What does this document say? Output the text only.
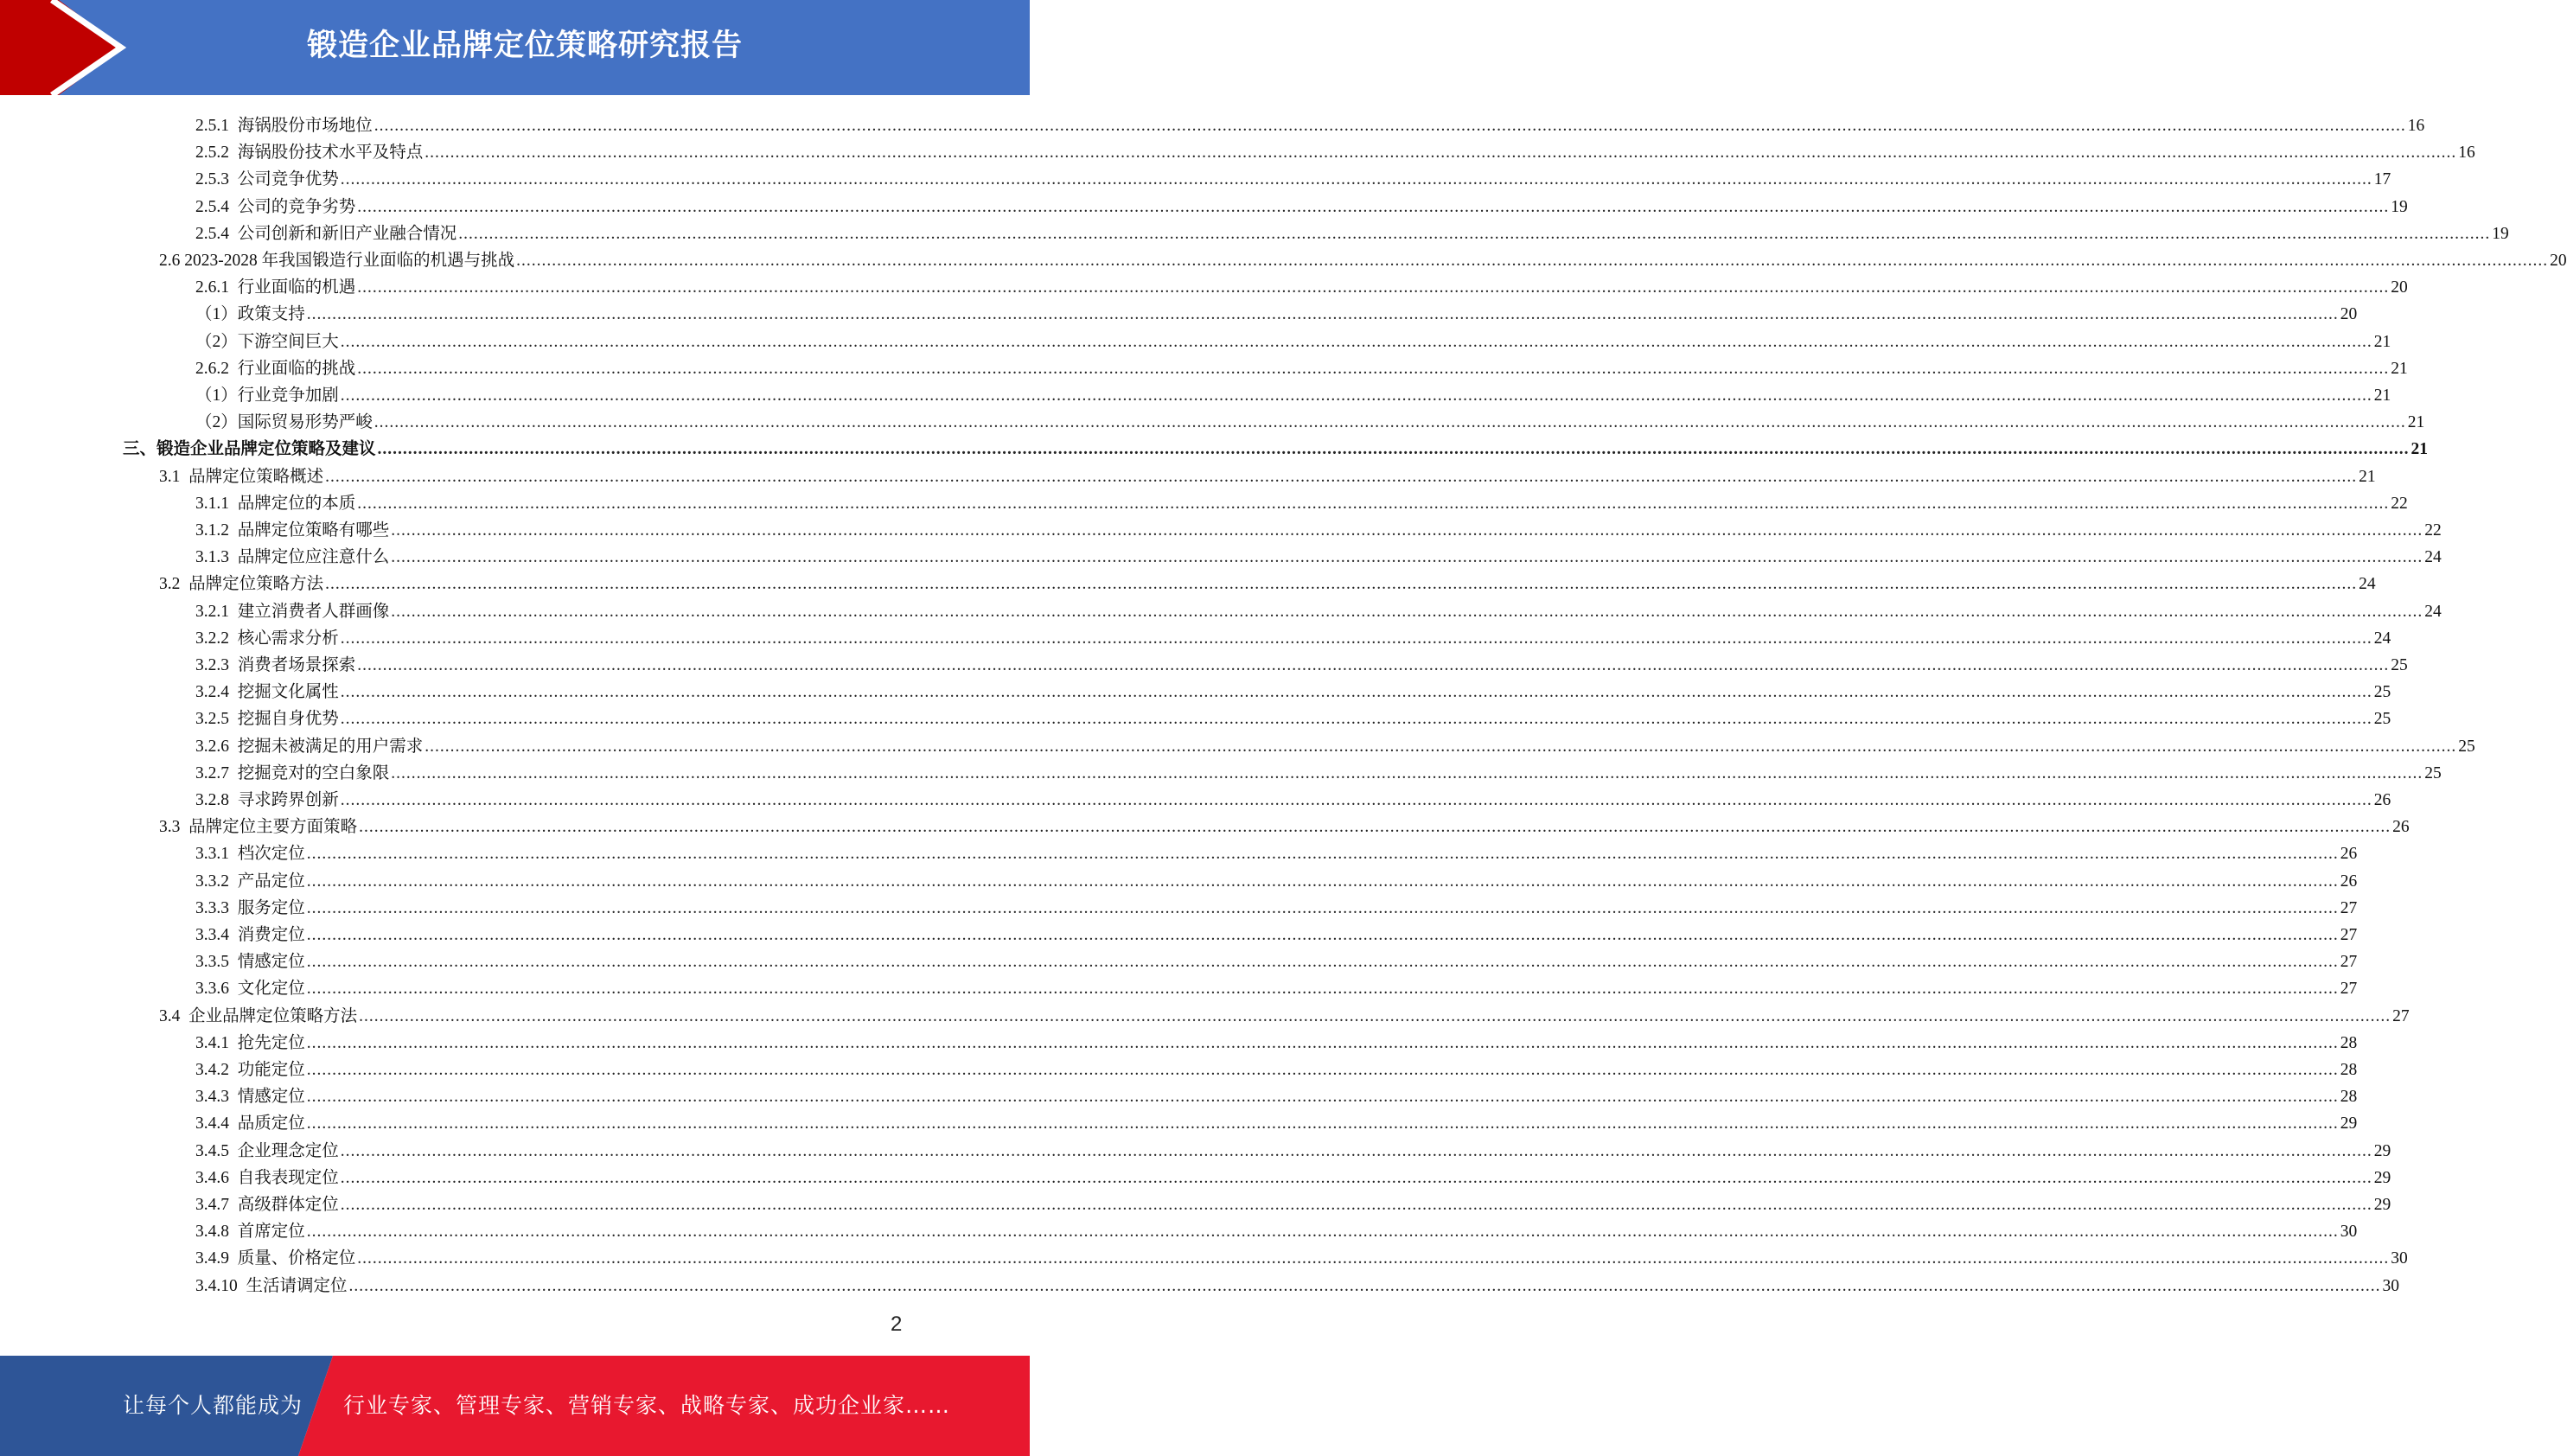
锻造企业品牌定位策略研究报告
2.5.1  海锅股份市场地位 ................................................................................................................................................................................................................................................................................................................................................................................................................ 16
2.5.2  海锅股份技术水平及特点 ................................................................................................................................................................................................................................................................................................................................................................................................................ 16
2.5.3  公司竞争优势 ................................................................................................................................................................................................................................................................................................................................................................................................................ 17
2.5.4  公司的竞争劣势 ................................................................................................................................................................................................................................................................................................................................................................................................................ 19
2.5.4  公司创新和新旧产业融合情况 ................................................................................................................................................................................................................................................................................................................................................................................................................ 19
2.6 2023-2028 年我国锻造行业面临的机遇与挑战 ................................................................................................................................................................................................................................................................................................................................................................................................................ 20
2.6.1  行业面临的机遇 ................................................................................................................................................................................................................................................................................................................................................................................................................ 20
（1）政策支持 ................................................................................................................................................................................................................................................................................................................................................................................................................ 20
（2）下游空间巨大 ................................................................................................................................................................................................................................................................................................................................................................................................................ 21
2.6.2  行业面临的挑战 ................................................................................................................................................................................................................................................................................................................................................................................................................ 21
（1）行业竞争加剧 ................................................................................................................................................................................................................................................................................................................................................................................................................ 21
（2）国际贸易形势严峻 ................................................................................................................................................................................................................................................................................................................................................................................................................ 21
三、锻造企业品牌定位策略及建议 ................................................................................................................................................................................................................................................................................................................................................................................................................ 21
3.1  品牌定位策略概述 ................................................................................................................................................................................................................................................................................................................................................................................................................ 21
3.1.1  品牌定位的本质 ................................................................................................................................................................................................................................................................................................................................................................................................................ 22
3.1.2  品牌定位策略有哪些 ................................................................................................................................................................................................................................................................................................................................................................................................................ 22
3.1.3  品牌定位应注意什么 ................................................................................................................................................................................................................................................................................................................................................................................................................ 24
3.2  品牌定位策略方法 ................................................................................................................................................................................................................................................................................................................................................................................................................ 24
3.2.1  建立消费者人群画像 ................................................................................................................................................................................................................................................................................................................................................................................................................ 24
3.2.2  核心需求分析 ................................................................................................................................................................................................................................................................................................................................................................................................................ 24
3.2.3  消费者场景探索 ................................................................................................................................................................................................................................................................................................................................................................................................................ 25
3.2.4  挖掘文化属性 ................................................................................................................................................................................................................................................................................................................................................................................................................ 25
3.2.5  挖掘自身优势 ................................................................................................................................................................................................................................................................................................................................................................................................................ 25
3.2.6  挖掘未被满足的用户需求 ................................................................................................................................................................................................................................................................................................................................................................................................................ 25
3.2.7  挖掘竞对的空白象限 ................................................................................................................................................................................................................................................................................................................................................................................................................ 25
3.2.8  寻求跨界创新 ................................................................................................................................................................................................................................................................................................................................................................................................................ 26
3.3  品牌定位主要方面策略 ................................................................................................................................................................................................................................................................................................................................................................................................................ 26
3.3.1  档次定位 ................................................................................................................................................................................................................................................................................................................................................................................................................ 26
3.3.2  产品定位 ................................................................................................................................................................................................................................................................................................................................................................................................................ 26
3.3.3  服务定位 ................................................................................................................................................................................................................................................................................................................................................................................................................ 27
3.3.4  消费定位 ................................................................................................................................................................................................................................................................................................................................................................................................................ 27
3.3.5  情感定位 ................................................................................................................................................................................................................................................................................................................................................................................................................ 27
3.3.6  文化定位 ................................................................................................................................................................................................................................................................................................................................................................................................................ 27
3.4  企业品牌定位策略方法 ................................................................................................................................................................................................................................................................................................................................................................................................................ 27
3.4.1  抢先定位 ................................................................................................................................................................................................................................................................................................................................................................................................................ 28
3.4.2  功能定位 ................................................................................................................................................................................................................................................................................................................................................................................................................ 28
3.4.3  情感定位 ................................................................................................................................................................................................................................................................................................................................................................................................................ 28
3.4.4  品质定位 ................................................................................................................................................................................................................................................................................................................................................................................................................ 29
3.4.5  企业理念定位 ................................................................................................................................................................................................................................................................................................................................................................................................................ 29
3.4.6  自我表现定位 ................................................................................................................................................................................................................................................................................................................................................................................................................ 29
3.4.7  高级群体定位 ................................................................................................................................................................................................................................................................................................................................................................................................................ 29
3.4.8  首席定位 ................................................................................................................................................................................................................................................................................................................................................................................................................ 30
3.4.9  质量、价格定位 ................................................................................................................................................................................................................................................................................................................................................................................................................ 30
3.4.10  生活请调定位 ................................................................................................................................................................................................................................................................................................................................................................................................................ 30
2
让每个人都能成为 行业专家、管理专家、营销专家、战略专家、成功企业家……
